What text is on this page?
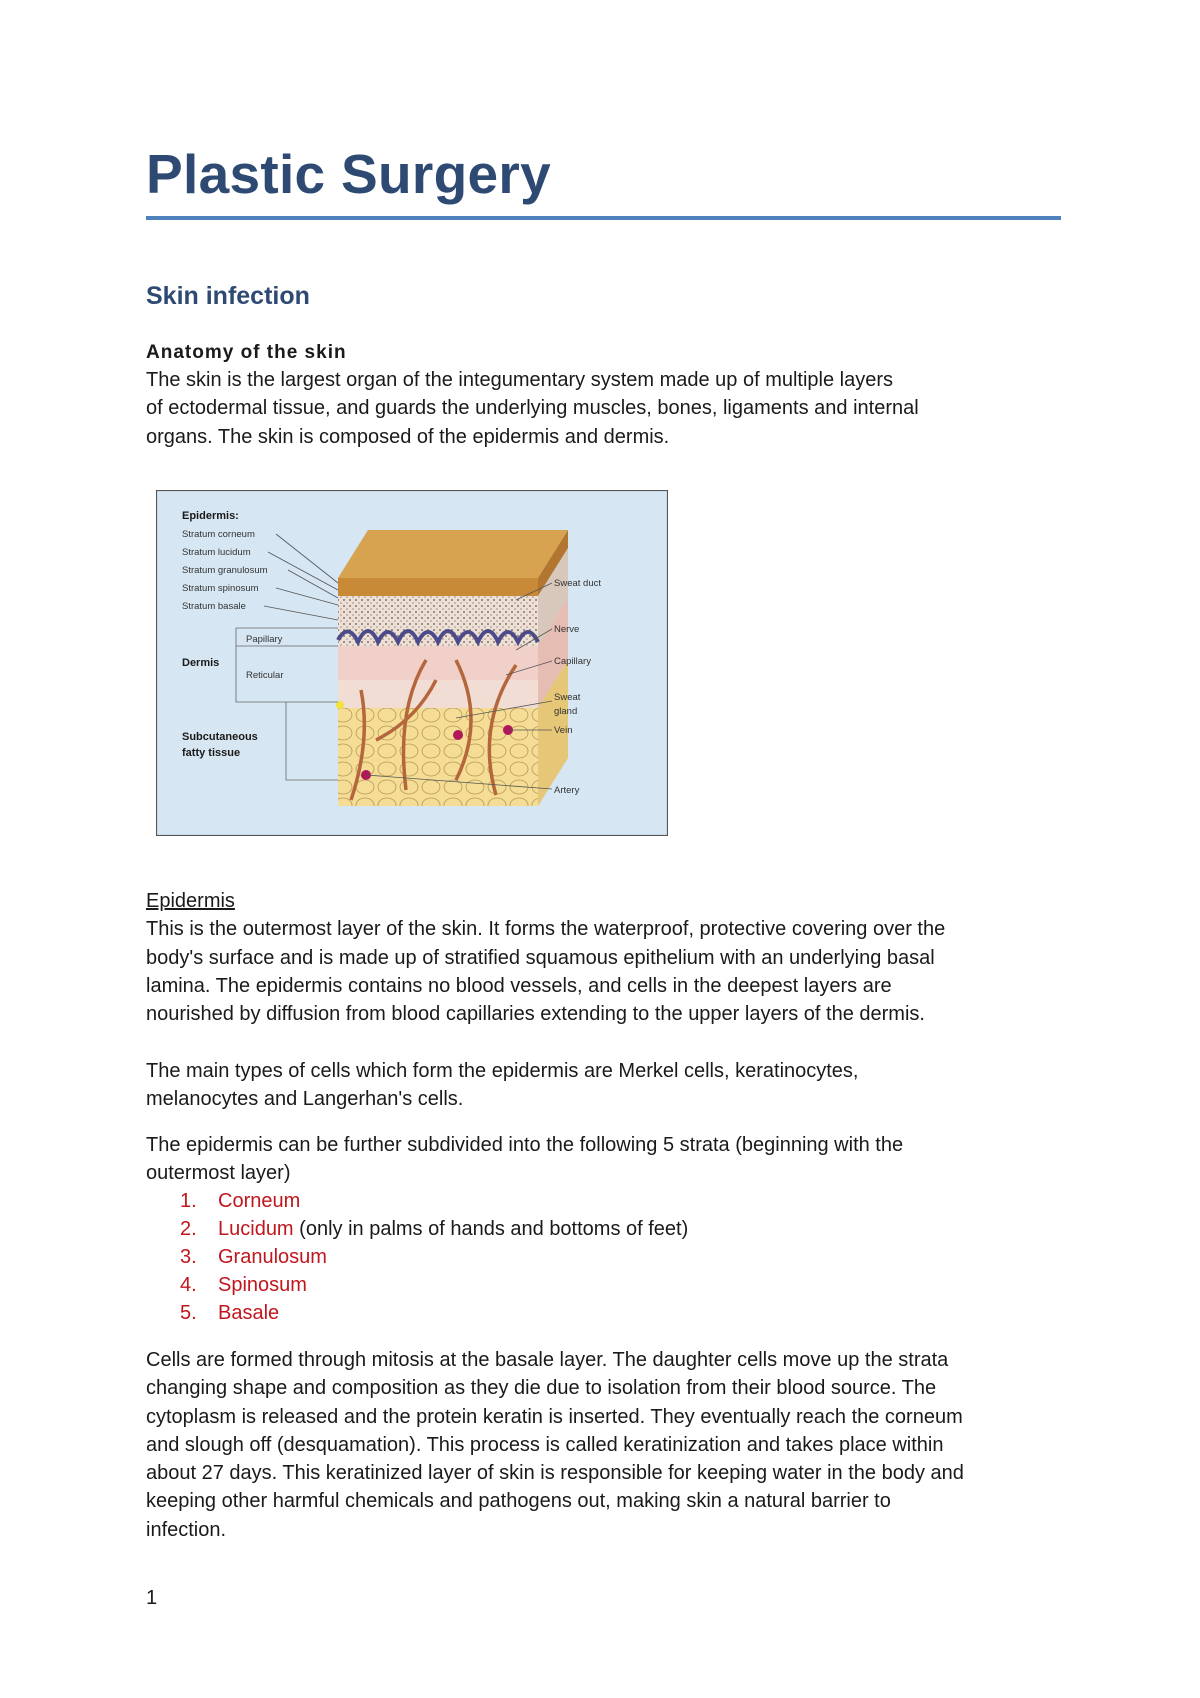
Plastic Surgery
Skin infection
Anatomy of the skin

The skin is the largest organ of the integumentary system made up of multiple layers
of ectodermal tissue, and guards the underlying muscles, bones, ligaments and internal
organs. The skin is composed of the epidermis and dermis.

Epidermis:
Stratum corneum
Stratum lucidum
Stratum granulosum
Stratum spinosum
Stratum basale
Dermis
Papillary
Reticular
Subcutaneous
fatty tissue
Sweat duct
Nerve
Capillary
Sweat
gland
Vein
Artery

Epidermis
This is the outermost layer of the skin. It forms the waterproof, protective covering over the
body's surface and is made up of stratified squamous epithelium with an underlying basal
lamina. The epidermis contains no blood vessels, and cells in the deepest layers are
nourished by diffusion from blood capillaries extending to the upper layers of the dermis.

The main types of cells which form the epidermis are Merkel cells, keratinocytes,
melanocytes and Langerhan's cells.

The epidermis can be further subdivided into the following 5 strata (beginning with the
outermost layer)

1. Corneum
2. Lucidum (only in palms of hands and bottoms of feet)
3. Granulosum
4. Spinosum
5. Basale

Cells are formed through mitosis at the basale layer. The daughter cells move up the strata
changing shape and composition as they die due to isolation from their blood source. The
cytoplasm is released and the protein keratin is inserted. They eventually reach the corneum
and slough off (desquamation). This process is called keratinization and takes place within
about 27 days. This keratinized layer of skin is responsible for keeping water in the body and
keeping other harmful chemicals and pathogens out, making skin a natural barrier to
infection.

1
